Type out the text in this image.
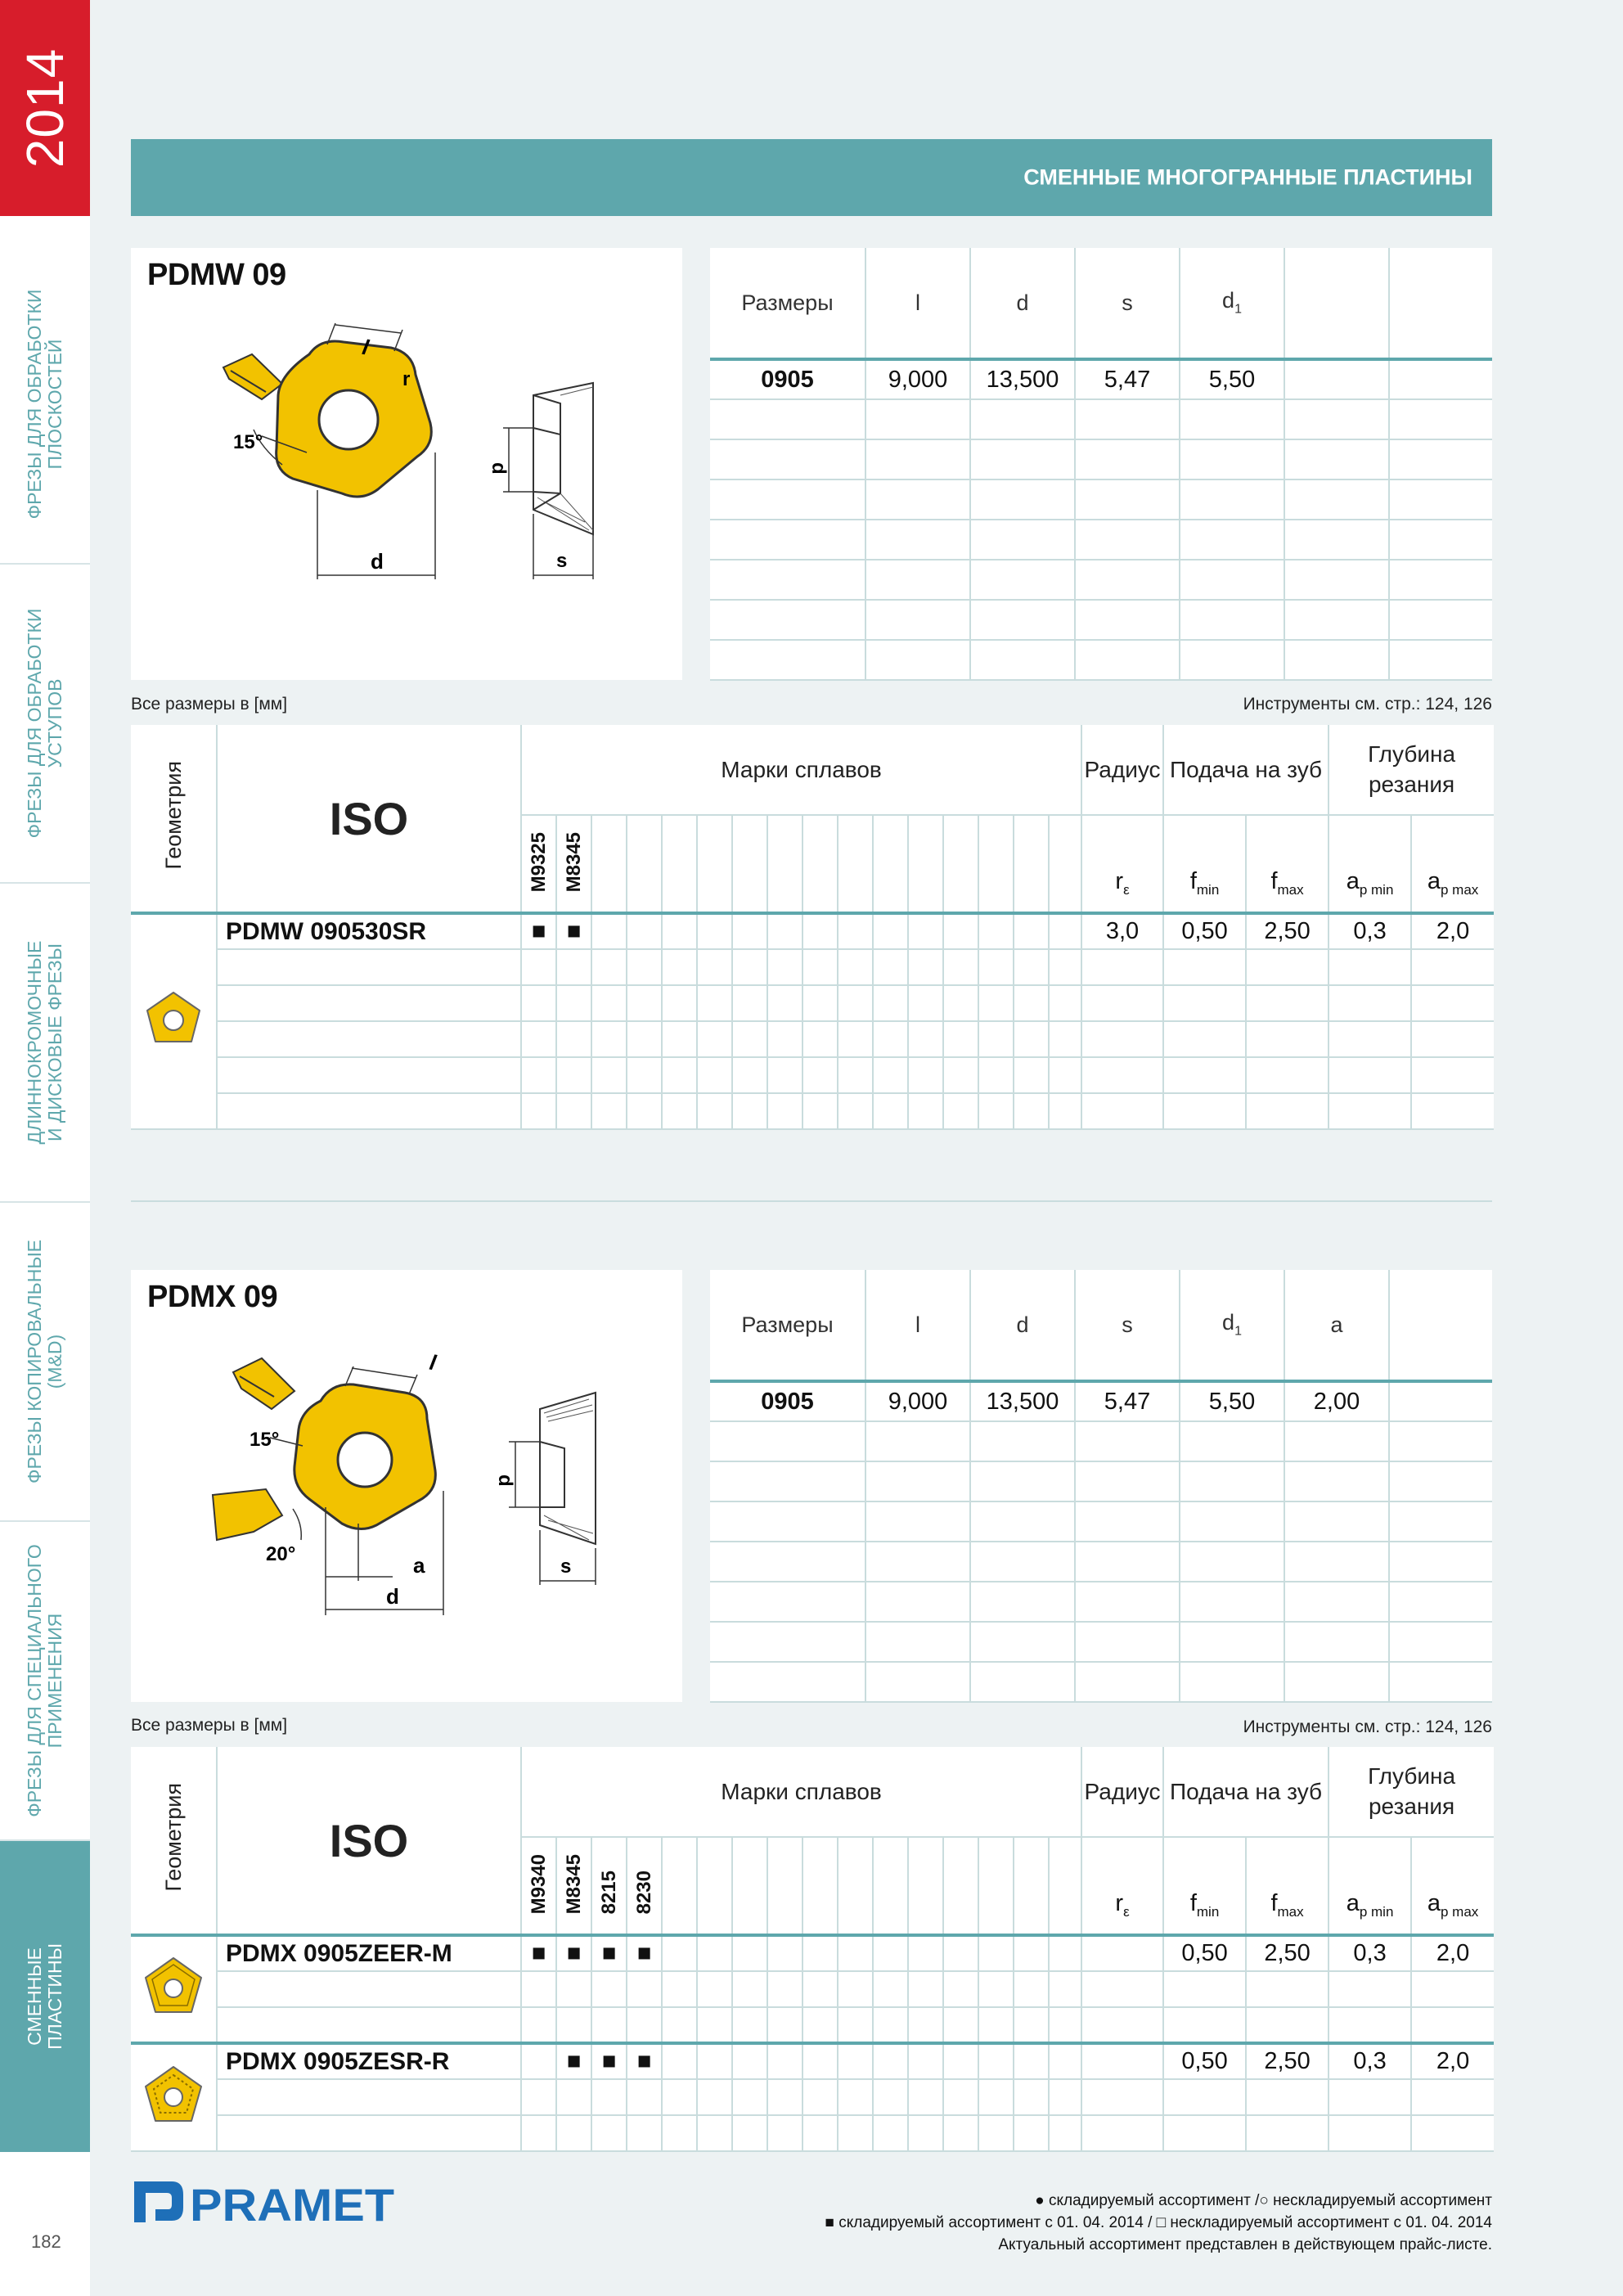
2014
ФРЕЗЫ ДЛЯ ОБРАБОТКИ
ПЛОСКОСТЕЙ
ФРЕЗЫ ДЛЯ ОБРАБОТКИ
УСТУПОВ
ДЛИННОКРОМОЧНЫЕ
И ДИСКОВЫЕ ФРЕЗЫ
ФРЕЗЫ КОПИРОВАЛЬНЫЕ
(M&D)
ФРЕЗЫ ДЛЯ СПЕЦИАЛЬНОГО
ПРИМЕНЕНИЯ
СМЕННЫЕ
ПЛАСТИНЫ
182
СМЕННЫЕ МНОГОГРАННЫЕ ПЛАСТИНЫ
PDMW 09
15°
l
r
d
d
s
Размеры	l	d	s	$d_1$		
0905	9,000	13,500	5,47	5,50		

Все размеры в [мм]	Инструменты см. стр.: 124, 126
Геометрия	ISO	Марки сплавов																Радиус	Подача на зуб		Глубина резания	
		M9325	M8345															$r_\varepsilon$	$f_{min}$	$f_{max}$	$a_{p min}$	$a_{p max}$
	PDMW 090530SR	■	■															3,0	0,50	2,50	0,3	2,0

PDMX 09
15°
20°
l
a
d
d
s
Размеры	l	d	s	$d_1$	a	
0905	9,000	13,500	5,47	5,50	2,00	

Все размеры в [мм]	Инструменты см. стр.: 124, 126
Геометрия	ISO	Марки сплавов																Радиус	Подача на зуб		Глубина резания	
		M9340	M8345	8215	8230													$r_\varepsilon$	$f_{min}$	$f_{max}$	$a_{p min}$	$a_{p max}$
	PDMX 0905ZEER-M	■	■	■	■														0,50	2,50	0,3	2,0

	PDMX 0905ZESR-R		■	■	■														0,50	2,50	0,3	2,0

PRAMET	● складируемый ассортимент /○ нескладируемый ассортимент
■ складируемый ассортимент с 01. 04. 2014 / □ нескладируемый ассортимент с 01. 04. 2014
Актуальный ассортимент представлен в действующем прайс-листе.
